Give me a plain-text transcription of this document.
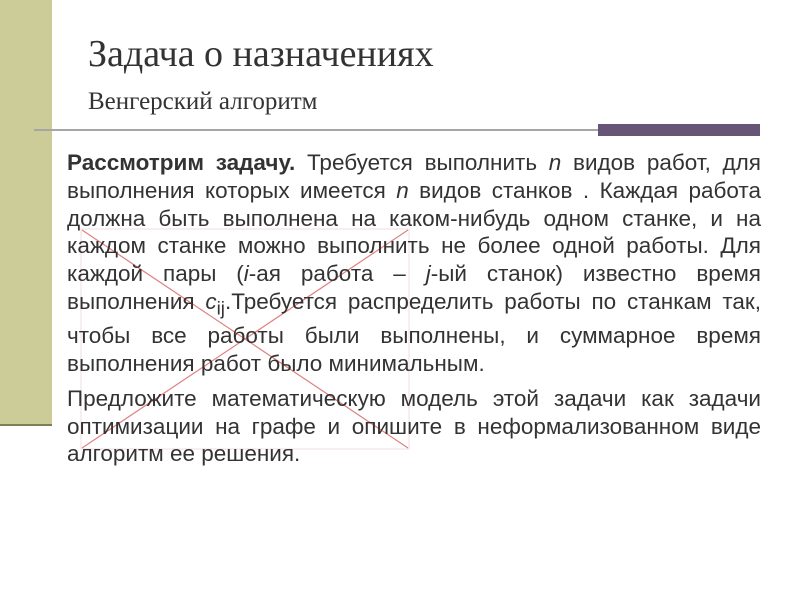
Задача о назначениях
Венгерский алгоритм

Рассмотрим задачу. Требуется выполнить n видов работ, для выполнения которых имеется n видов станков . Каждая работа должна быть выполнена на каком-нибудь одном станке, и на каждом станке можно выполнить не более одной работы. Для каждой пары (i-ая работа – j-ый станок) известно время выполнения $c_{ij}.Требуется$ распределить работы по станкам так, чтобы все работы были выполнены, и суммарное время выполнения работ было минимальным.

Предложите математическую модель этой задачи как задачи оптимизации на графе и опишите в неформализованном виде алгоритм ее решения.
